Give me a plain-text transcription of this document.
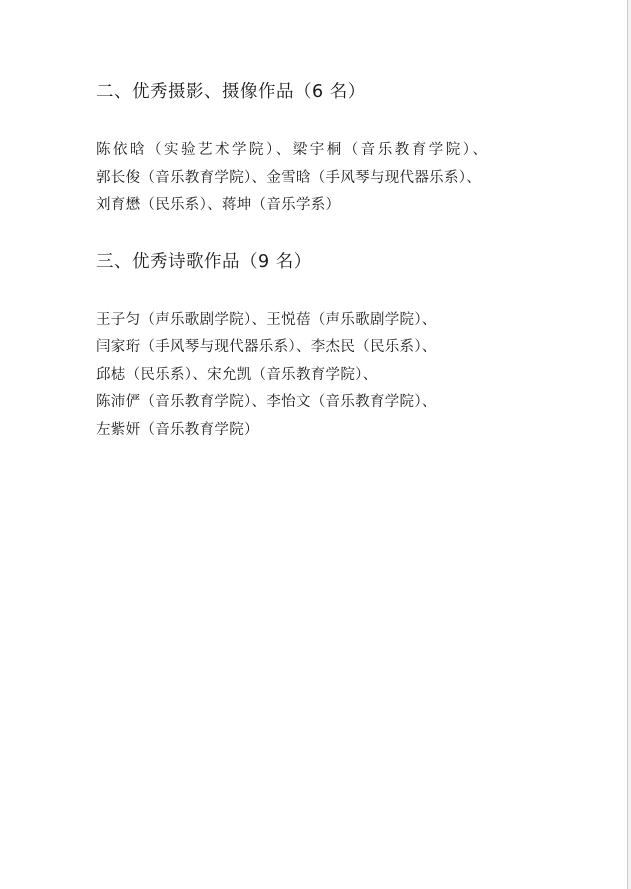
二、优秀摄影、摄像作品（6 名）
陈依晗（实验艺术学院）、梁宇桐（音乐教育学院）、
郭长俊（音乐教育学院）、金雪晗（手风琴与现代器乐系）、
刘育懋（民乐系）、蒋坤（音乐学系）
三、优秀诗歌作品（9 名）
王子匀（声乐歌剧学院）、王悦蓓（声乐歌剧学院）、
闫家珩（手风琴与现代器乐系）、李杰民（民乐系）、
邱梽（民乐系）、宋允凯（音乐教育学院）、
陈沛俨（音乐教育学院）、李怡文（音乐教育学院）、
左紫妍（音乐教育学院）
